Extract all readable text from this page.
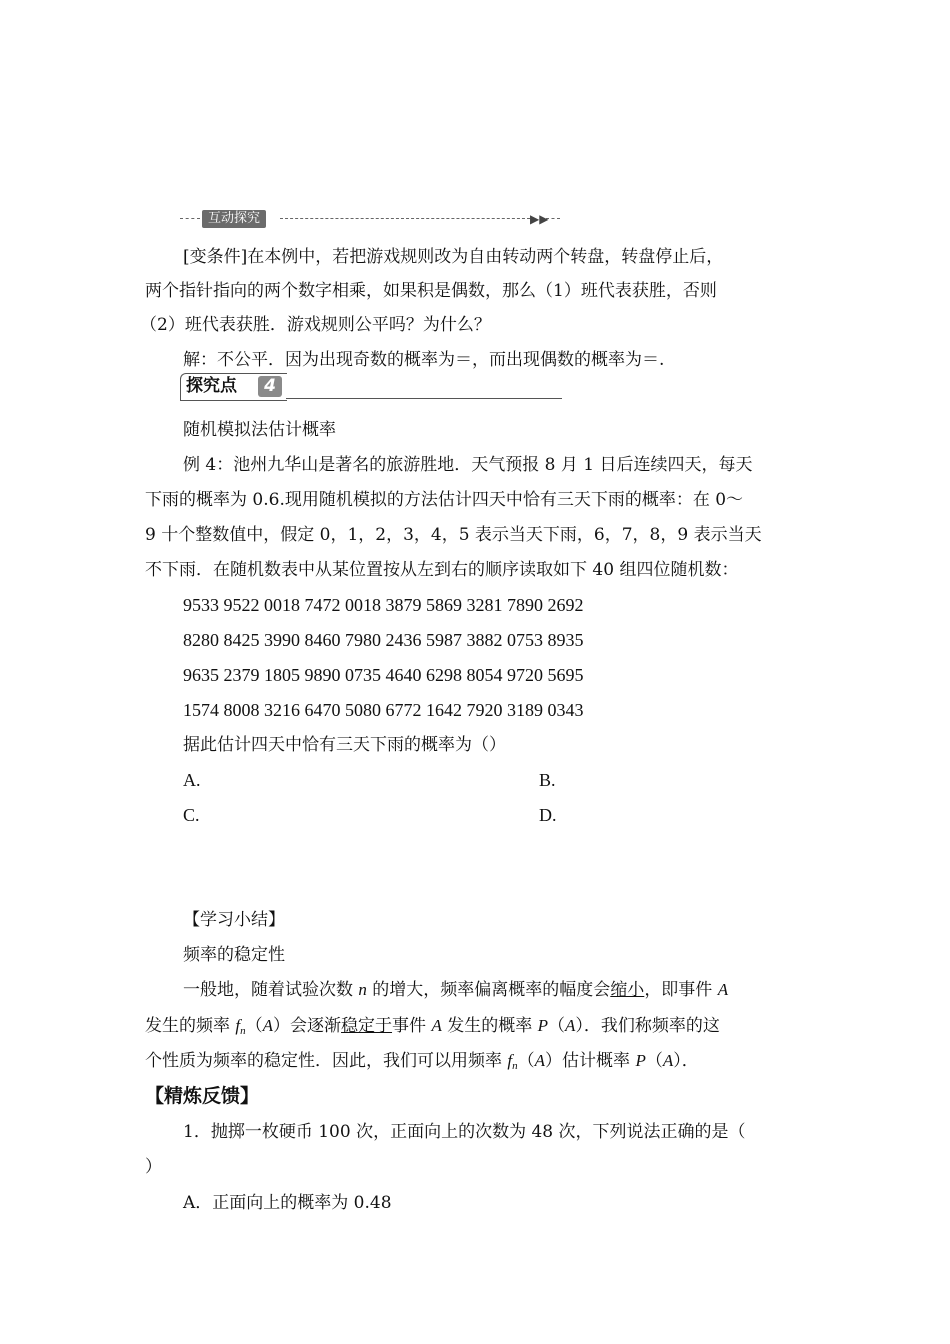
互动探究	▶▶
[变条件]在本例中，若把游戏规则改为自由转动两个转盘，转盘停止后，
两个指针指向的两个数字相乘，如果积是偶数，那么（1）班代表获胜，否则
（2）班代表获胜．游戏规则公平吗？为什么？
解：不公平．因为出现奇数的概率为＝，而出现偶数的概率为＝.
探究点	4
随机模拟法估计概率
例 4：池州九华山是著名的旅游胜地．天气预报 8 月 1 日后连续四天，每天
下雨的概率为 0.6.现用随机模拟的方法估计四天中恰有三天下雨的概率：在 0～
9 十个整数值中，假定 0，1，2，3，4，5 表示当天下雨，6，7，8，9 表示当天
不下雨．在随机数表中从某位置按从左到右的顺序读取如下 40 组四位随机数：
9533 9522 0018 7472 0018 3879 5869 3281 7890 2692
8280 8425 3990 8460 7980 2436 5987 3882 0753 8935
9635 2379 1805 9890 0735 4640 6298 8054 9720 5695
1574 8008 3216 6470 5080 6772 1642 7920 3189 0343
据此估计四天中恰有三天下雨的概率为（）
A.	B.
C.	D.
【学习小结】
频率的稳定性
一般地，随着试验次数 n 的增大，频率偏离概率的幅度会缩小，即事件 A
发生的频率 $f_n(A)$会逐渐稳定于事件 A 发生的概率 P（A）．我们称频率的这
个性质为频率的稳定性．因此，我们可以用频率 $f_n(A)$估计概率 P（A）．
【精炼反馈】
1．抛掷一枚硬币 100 次，正面向上的次数为 48 次，下列说法正确的是（
）
A．正面向上的概率为 0.48
